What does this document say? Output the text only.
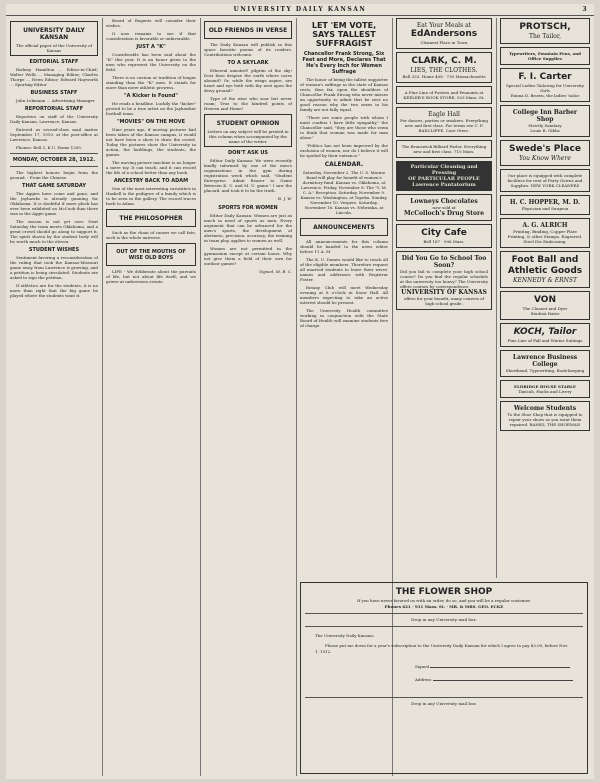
UNIVERSITY DAILY KANSAN	3
UNIVERSITY DAILY KANSAN
The official paper of the University of Kansas
EDITORIAL STAFF

Rodney Hamilton ... Editor-in-Chief; Walter Wells ... Managing Editor; Charles Thorpe ... News Editor; Edward Hayworth ... Sporting Editor

BUSINESS STAFF

John Lehmann ... Advertising Manager

REPORTORIAL STAFF

Reporters on staff of the University Daily Kansan, Lawrence, Kansas.

Entered as second-class mail matter September 17, 1910, at the post-office at Lawrence, Kansas.

Phones: Bell 3, K.U. Home 1205.

MONDAY, OCTOBER 28, 1912.

The highest honors begin from the ground. - From the Chinese.

THAT GAME SATURDAY

The Aggies have come and gone, and the Jayhawks is already gunning for Oklahoma. It is doubtful if more pluck has ever been exhibited on McCook than there was in the Aggie game.

The season is not yet over. Next Saturday the team meets Oklahoma, and a great crowd should go along to support it. The spirit shown by the student body will be worth much to the eleven.

STUDENT WISHES

Sentiment favoring a reconsideration of the ruling that took the Kansas-Missouri game away from Lawrence is growing, and a petition is being circulated. Students are asked to sign the petition.

If athletics are for the students, it is no more than right that the big game be played where the students want it.

Board of Regents will consider their wishes.

It now remains to see if that consideration is favorable or unfavorable.

JUST A "K"

Considerable has been said about the "K" this year. It is an honor given to the men who represent the University on the field.

There is no custom or tradition of longer standing than the "K" men. It stands for more than mere athletic prowess.

"A Kicker is Found"

He reads a headline. Luckily the "kicker" proved to be a true artist on the Jayhawker football team.

"MOVIES" ON THE MOVE

Nine years ago, if moving pictures had been taken of the Kansas campus, it would not have been a show to draw the crowd. Today the pictures show the University in action, the buildings, the students, the games.

The moving picture machine is no longer a mere toy. It can teach, and it can record the life of a school better than any book.

ANCESTRY BACK TO ADAM

One of the most interesting curiosities in Haskell is the pedigree of a family which is to be seen in the gallery. The record traces back to Adam.

THE PHILOSOPHER

Such as the chain of causes we call fate, such is the whole universe.

OUT OF THE MOUTHS OF WISE OLD BOYS

LIFE - We deliberate about the pursuits of life, but not about life itself; and we grieve at unforeseen events.

OLD FRIENDS IN VERSE

The Daily Kansan will publish in this space favorite poems of its readers. Contributions welcome.

TO A SKYLARK

Ethereal minstrel! pilgrim of the sky! Dost thou despise the earth where cares abound? Or, while the wings aspire, are heart and eye both with thy nest upon the dewy ground?

Type of the wise who soar but never roam; True to the kindred points of Heaven and Home!

STUDENT OPINION
Letters on any subject will be printed in this column when accompanied by the name of the writer.
DON'T ASK US

Editor Daily Kansan: We were recently kindly informed by one of the men's organizations in the gym during registration week which said, "Student Enterprise. Admit Bearer to Game Between K. U. and M. U. game." I saw the placard, and took it to be the truth.

B. J. W.
SPORTS FOR WOMEN

Editor Daily Kansan: Women are just as much in need of sports as men. Every argument that can be advanced for the men's sports, the development of alertness, precision, accuracy, the training in team play, applies to women as well.

Women are not permitted in the gymnasium except at certain hours. Why not give them a field of their own for outdoor games?

Signed, M. B. C.
LET 'EM VOTE, SAYS TALLEST SUFFRAGIST
Chancellor Frank Strong, Six Feet and More, Declares That He's Every Inch for Women Suffrage

The honor of being the tallest supporter of woman's suffrage in the state of Kansas rests, thus far, upon the shoulders of Chancellor Frank Strong who never misses an opportunity to admit that he sees no good reason why the two sexes in his family are not fully equal.

"There are some people with whom I must confess I have little sympathy," the Chancellor said, "they are those who seem to think that woman was made for man alone."

"Politics has not been improved by the exclusion of women, nor do I believe it will be spoiled by their entrance."

CALENDAR.

Saturday, November 2. The U. S. Marine Band will play for benefit of women's dormitory fund. Kansas vs. Oklahoma, at Lawrence. Friday, November 8. The "Y. M. C. A." Reception. Saturday, November 9. Kansas vs. Washington, at Topeka. Sunday, November 10. Vespers. Saturday, November 16. Kansas vs. Nebraska, at Lincoln.

ANNOUNCEMENTS

All announcements for this column should be handed to the news editor before 11 A. M.

The K. U. Dames would like to reach all of the eligible members. Therefore request all married students to leave their wives' names and addresses with Registrar Foster.

Botany Club will meet Wednesday evening at 8 o'clock in Snow Hall. All members expecting to take an active interest should be present.

The University Health committee working in conjunction with the State Board of Health will examine students free of charge.

Eat Your Meals at
EdAndersons
Cleanest Place in Town
CLARK, C. M.
LIES, THE CLOTHES.
Bell 333, Home 408 · 730 Massachusetts
A Fine Line of Posters and Pennants at KEELER'S BOOK STORE, 929 Mass. St.
Eagle Hall
For dances, parties or smokers. Everything new and first class. For terms see C. P. RADCLIFFE, Care Oterc.
The Brunswick Billiard Parlor. Everything new and first class. 710 Mass.
Particular Cleaning and Pressing
OF PARTICULAR PEOPLE
Lawrence Pantatorium
Lowneys Chocolates
now sold at
McColloch's Drug Store
City Cafe
Bell 187 · 906 Mass.
Did You Go to School Too Soon?
Did you fail to complete your high school course? Do you find the regular schedule at the university too heavy? The University offers courses by correspondence.
UNIVERSITY OF KANSAS
offers for your benefit, many courses of high school grade.
PROTSCH,
The Tailor,
Typewriters, Fountain Pens, and Office Supplies
F. I. Carter
Special Ladies Tailoring for University Girls
Emma D. Brown, the ladies' tailor
College Inn Barber Shop
Strictly Sanitary
Louis R. Gibbs
Swede's Place
You Know Where
Our place is equipped with complete facilities for rent of Party Gowns and Supplies. NEW YORK CLEANERS
H. C. HOPPER, M. D.
Physician and Surgeon
A. G. ALRICH
Printing, Binding, Copper Plate Printing, & other Stamps. Engraved. Steel Die Embossing.
Foot Ball and Athletic Goods
KENNEDY & ERNST
VON
The Cleaner and Dyer
Student Rates
KOCH, Tailor
Fine Line of Fall and Winter Suitings
Lawrence Business College
Shorthand, Typewriting, Book-keeping
ELDRIDGE HOUSE STABLE
Taxicab, Hacks and Livery
Welcome Students
To the Shoe Shop that is equipped to repair your shoes as you want them repaired. BANKS, THE SHOEMAN
THE FLOWER SHOP
If you have never favored us with an order, do so, and you will be a regular customer.
Phones 621 · 931 Mass. St. · MR. & MRS. GEO. ECKE
Drop in any University mail box.
The University Daily Kansan:
Please put me down for a year's subscription to the University Daily Kansan for which I agree to pay $3.00, before Nov. 1, 1912.
Signed
Address
Drop in any University mail box.
